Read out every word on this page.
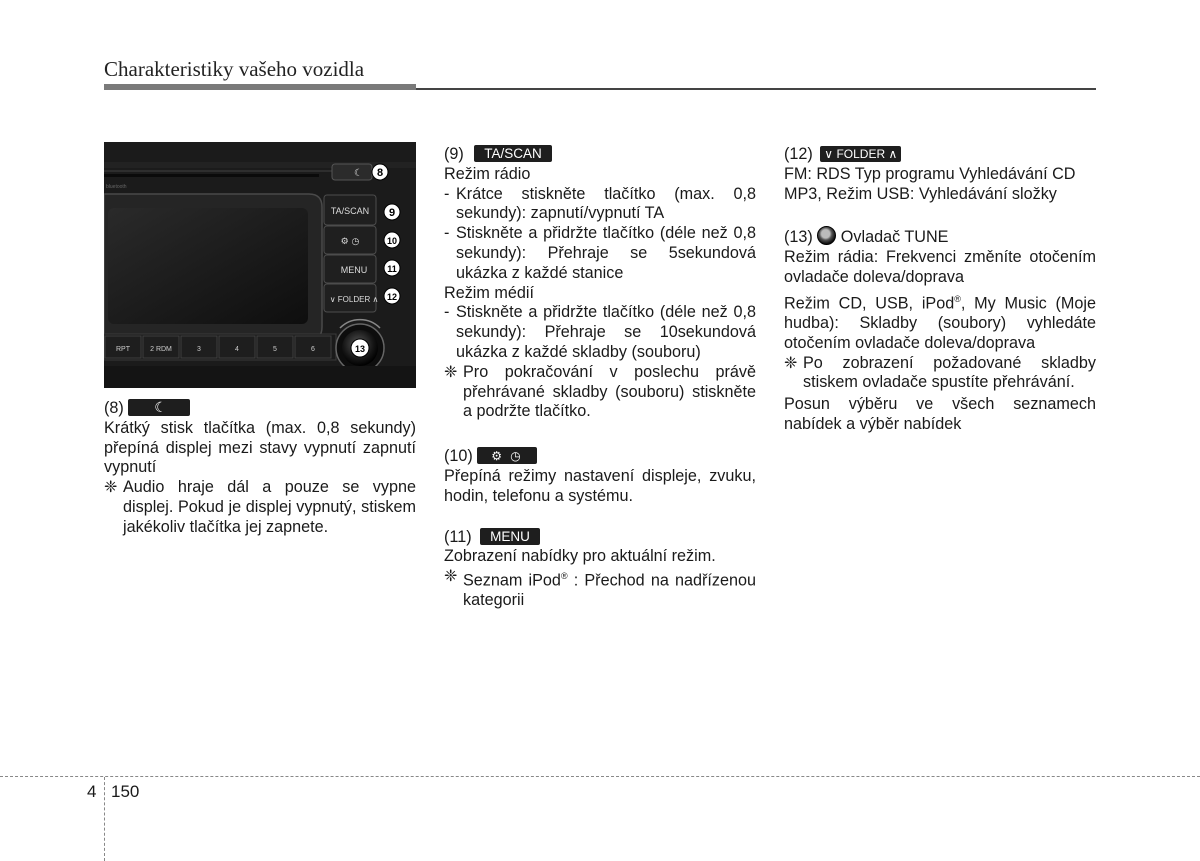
Charakteristiky vašeho vozidla
☾
bluetooth
TA/SCAN
⚙ ◷
MENU
∨ FOLDER ∧
RPT	2 RDM	3	4	5	6
8
9
10
11
12
13

(8) ☾

Krátký stisk tlačítka (max. 0,8 sekundy) přepíná displej mezi stavy vypnutí zapnutí vypnutí

❈ Audio hraje dál a pouze se vypne displej. Pokud je displej vypnutý, stiskem jakékoliv tlačítka jej zapnete.

(9) TA/SCAN

Režim rádio

- Krátce stiskněte tlačítko (max. 0,8 sekundy): zapnutí/vypnutí TA
- Stiskněte a přidržte tlačítko (déle než 0,8 sekundy): Přehraje se 5sekundová ukázka z každé stanice

Režim médií

- Stiskněte a přidržte tlačítko (déle než 0,8 sekundy): Přehraje se 10sekundová ukázka z každé skladby (souboru)
❈ Pro pokračování v poslechu právě přehrávané skladby (souboru) stiskněte a podržte tlačítko.

(10) ⚙ ◷

Přepíná režimy nastavení displeje, zvuku, hodin, telefonu a systému.

(11) MENU

Zobrazení nabídky pro aktuální režim.

❈ Seznam iPod® : Přechod na nadřízenou kategorii

(12) ∨ FOLDER ∧

FM: RDS Typ programu Vyhledávání CD MP3, Režim USB: Vyhledávání složky

(13) Ovladač TUNE

Režim rádia: Frekvenci změníte otočením ovladače doleva/doprava

Režim CD, USB, iPod®, My Music (Moje hudba): Skladby (soubory) vyhledáte otočením ovladače doleva/doprava

❈ Po zobrazení požadované skladby stiskem ovladače spustíte přehrávání.

Posun výběru ve všech seznamech nabídek a výběr nabídek

4 150
